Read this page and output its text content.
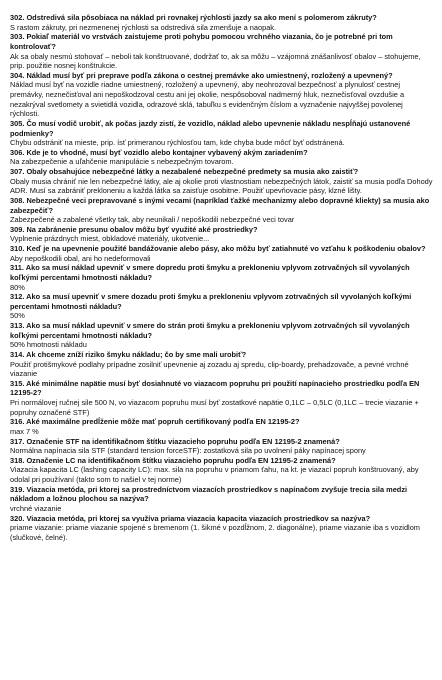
302. Odstredivá sila pôsobiaca na náklad pri rovnakej rýchlosti jazdy sa ako mení s polomerom zákruty?
S rastom zákruty, pri nezmenenej rýchlosti sa odstredivá sila zmenšuje a naopak.
303. Pokiaľ materiál vo vrstvách zaistujeme proti pohybu pomocou vrchného viazania, čo je potrebné pri tom kontrolovať?
Ak sa obaly nesmú stohovať – neboli tak konštruované, dodržať to, ak sa môžu – vzájomná znášanlivosť obalov – stohujeme, prip. použitie nosnej konštrukcie.
304. Náklad musí byť pri preprave podľa zákona o cestnej premávke ako umiestnený, rozložený a upevnený?
Náklad musí byť na vozidle riadne umiestnený, rozložený a upevnený, aby neohrozoval bezpečnosť a plynulosť cestnej premávky, neznečisťoval ani nepoškodzoval cestu ani jej okolie, nespôsoboval nadmerný hluk, neznečisťoval ovzdušie a nezakrýval svetlomety a svietidlá vozidla, odrazové sklá, tabuľku s evidenčným číslom a vyznačenie najvyššej povolenej rýchlosti.
305. Čo musí vodič urobiť, ak počas jazdy zistí, že vozidlo, náklad alebo upevnenie nákladu nespĺňajú ustanovené podmienky?
Chybu odstrániť na mieste, prip. ísť primeranou rýchlosťou tam, kde chyba bude môcť byť odstránená.
306. Kde je to vhodné, musí byť vozidlo alebo kontajner vybavený akým zariadením?
Na zabezpečenie a uľahčenie manipulácie s nebezpečným tovarom.
307. Obaly obsahujúce nebezpečné látky a nezabalené nebezpečné predmety sa musia ako zaistiť?
Obaly musia chrániť nie len nebezpečné látky, ale aj okolie proti vlastnostiam nebezpečných látok, zaistiť sa musia podľa Dohody ADR. Musí sa zabrániť prekloneniu a každá látka sa zaisťuje osobitne. Použiť upevňovacie pásy, klzné lišty.
308. Nebezpečné veci prepravované s inými vecami (napríklad ťažké mechanizmy alebo dopravné kliekty) sa musia ako zabezpečiť?
Zabezpečené a zabalené všetky tak, aby neunikali / nepoškodili nebezpečné veci tovar
309. Na zabránenie presunu obalov môžu byť využité aké prostriedky?
Vyplnenie prázdnych miest, obkladové materiály, ukotvenie...
310. Keď je na upevnenie použité bandážovanie alebo pásy, ako môžu byť zatiahnuté vo vzťahu k poškodeniu obalov?
Aby nepoškodili obal, ani ho nedeformovali
311. Ako sa musí náklad upevniť v smere dopredu proti šmyku a prekloneniu vplyvom zotrvačných síl vyvolaných koľkými percentami hmotnosti nákladu?
80%
312. Ako sa musí upevniť v smere dozadu proti šmyku a prekloneniu vplyvom zotrvačných síl vyvolaných koľkými percentami hmotnosti nákladu?
50%
313. Ako sa musí náklad upevniť v smere do strán proti šmyku a prekloneniu vplyvom zotrvačných síl vyvolaných koľkými percentami hmotnosti nákladu?
50% hmotnosti nákladu
314. Ak chceme zníží riziko šmyku nákladu; čo by sme mali urobiť?
Použiť protišmykové podlahy prípadne zosilniť upevnenie aj zozadu aj spredu, clip-boardy, prehadzovače, a pevné vrchné viazanie
315. Aké minimálne napätie musí byť dosiahnuté vo viazacom popruhu pri použití napínacieho prostriedku podľa EN 12195-2?
Pri normálovej ručnej sile 500 N, vo viazacom popruhu musí byť zostatkové napätie 0,1LC – 0,5LC (0,1LC – trecie viazanie + popruhy označené STF)
316. Aké maximálne predĺženie môže mať popruh certifikovaný podľa EN 12195-2?
max 7 %
317. Označenie STF na identifikačnom štítku viazacieho popruhu podľa EN 12195-2 znamená?
Normálna napínacia sila STF (standard tension forceSTF): zostatková sila po uvolnení páky napínacej spony
318. Označenie LC na identifikačnom štítku viazacieho popruhu podľa EN 12195-2 znamená?
Viazacia kapacita LC (lashing capacity LC): max. sila na popruhu v priamom ťahu, na kt. je viazací popruh konštruovaný, aby odolal pri používaní (takto som to našiel v tej norme)
319. Viazacia metóda, pri ktorej sa prostredníctvom viazacích prostriedkov s napínačom zvyšuje trecia sila medzi nákladom a ložnou plochou sa nazýva?
vrchné viazanie
320. Viazacia metóda, pri ktorej sa využíva priama viazacia kapacita viazacích prostriedkov sa nazýva?
priame viazanie: priame viazanie spojené s bremenom (1. šikmé v pozdĺžnom, 2. diagonálne), priame viazanie iba s vozidlom (slučkové, čelné).
